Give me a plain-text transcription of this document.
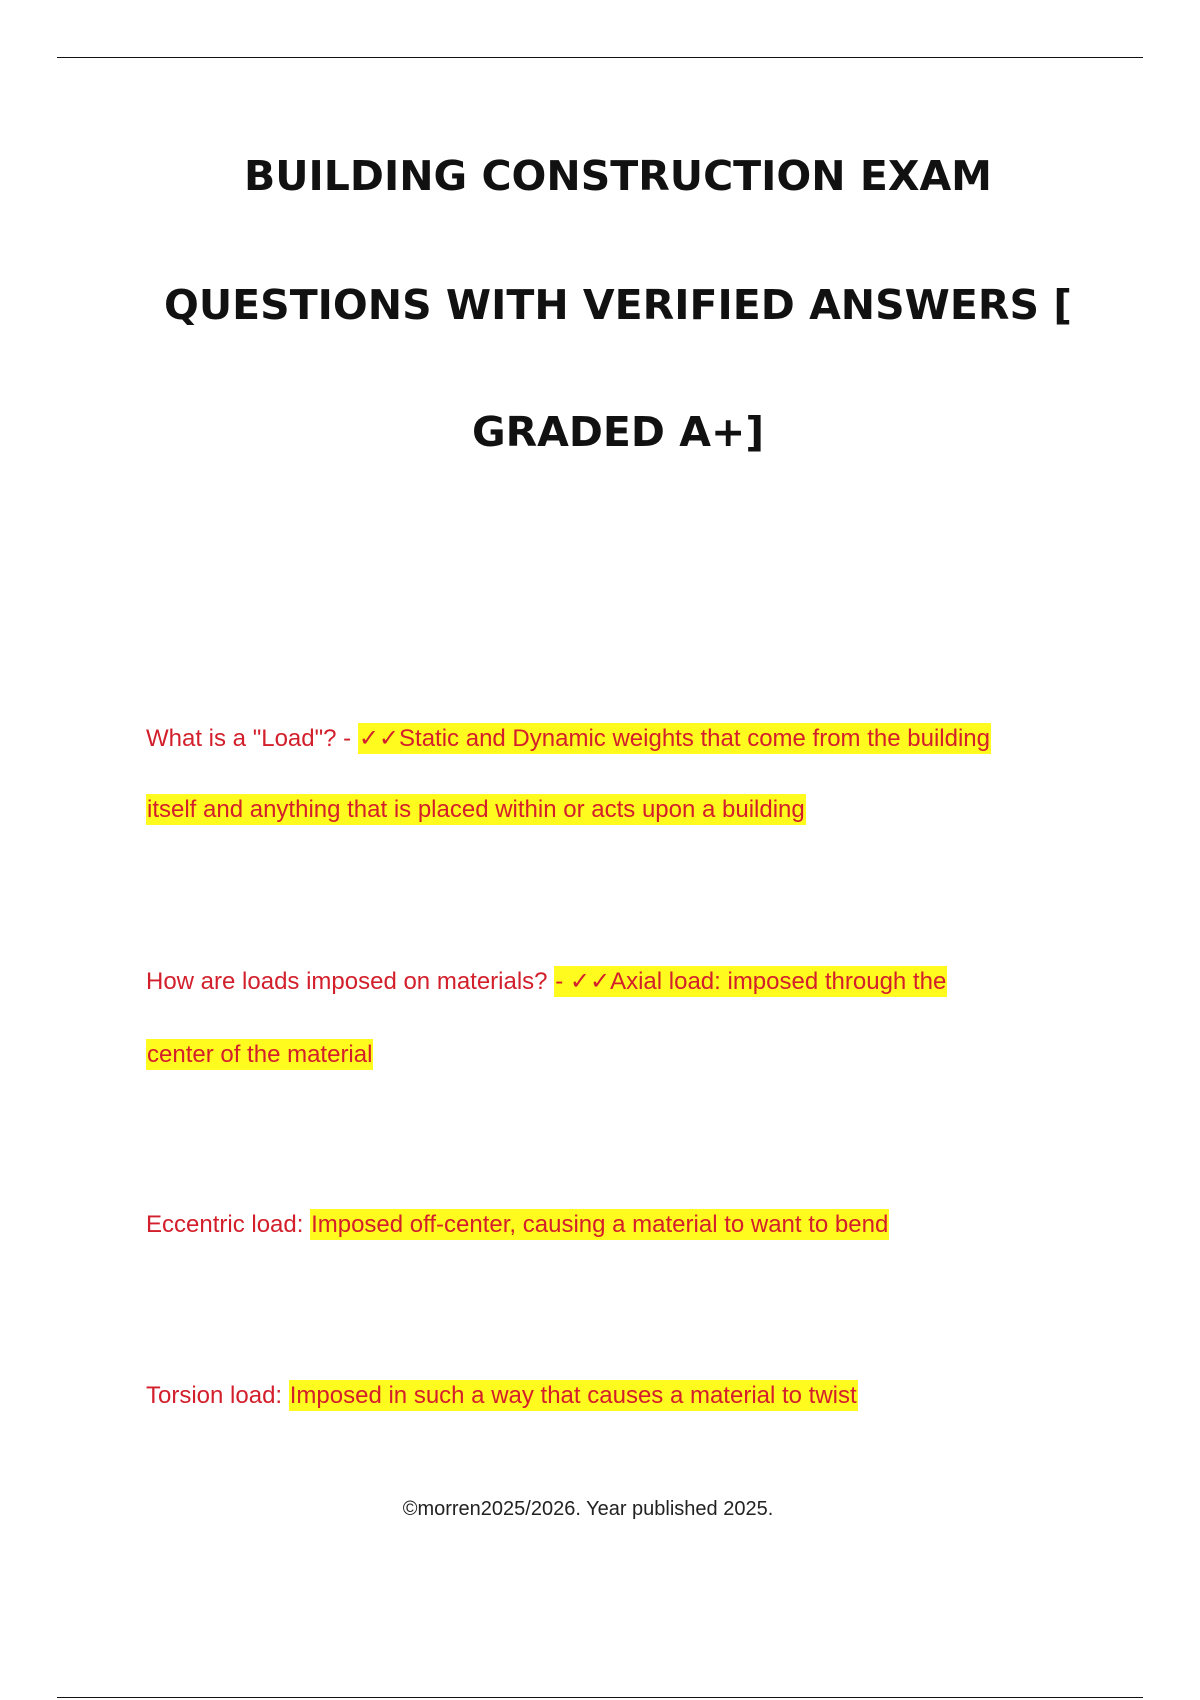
BUILDING CONSTRUCTION EXAM
QUESTIONS WITH VERIFIED ANSWERS [
GRADED A+]
What is a "Load"? - ✓✓Static and Dynamic weights that come from the building
itself and anything that is placed within or acts upon a building
How are loads imposed on materials? - ✓✓Axial load: imposed through the
center of the material
Eccentric load: Imposed off-center, causing a material to want to bend
Torsion load: Imposed in such a way that causes a material to twist
©morren2025/2026. Year published 2025.
